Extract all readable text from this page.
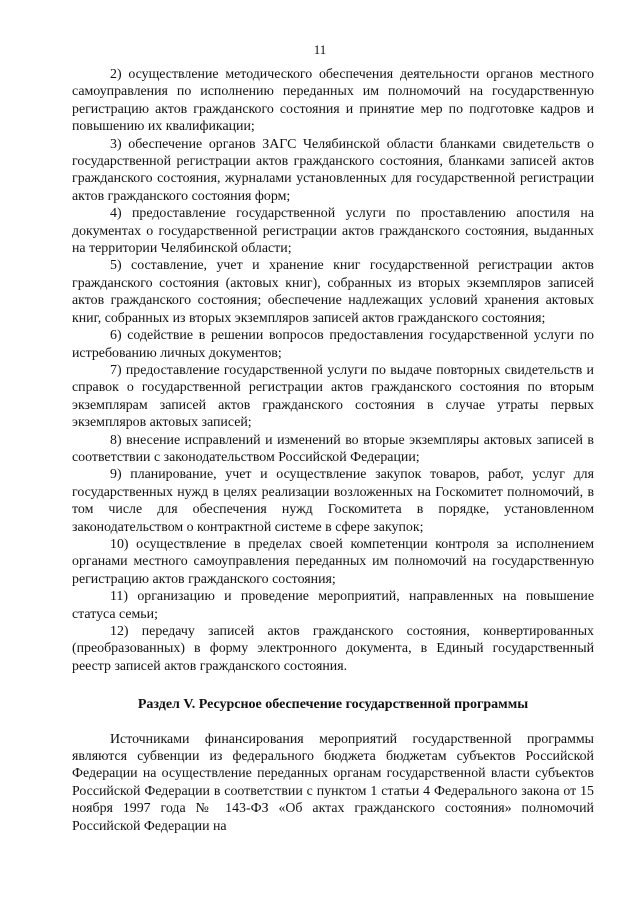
11

2) осуществление методического обеспечения деятельности органов местного самоуправления по исполнению переданных им полномочий на государственную регистрацию актов гражданского состояния и принятие мер по подготовке кадров и повышению их квалификации;

3) обеспечение органов ЗАГС Челябинской области бланками свидетельств о государственной регистрации актов гражданского состояния, бланками записей актов гражданского состояния, журналами установленных для государственной регистрации актов гражданского состояния форм;

4) предоставление государственной услуги по проставлению апостиля на документах о государственной регистрации актов гражданского состояния, выданных на территории Челябинской области;

5) составление, учет и хранение книг государственной регистрации актов гражданского состояния (актовых книг), собранных из вторых экземпляров записей актов гражданского состояния; обеспечение надлежащих условий хранения актовых книг, собранных из вторых экземпляров записей актов гражданского состояния;

6) содействие в решении вопросов предоставления государственной услуги по истребованию личных документов;

7) предоставление государственной услуги по выдаче повторных свидетельств и справок о государственной регистрации актов гражданского состояния по вторым экземплярам записей актов гражданского состояния в случае утраты первых экземпляров актовых записей;

8) внесение исправлений и изменений во вторые экземпляры актовых записей в соответствии с законодательством Российской Федерации;

9) планирование, учет и осуществление закупок товаров, работ, услуг для государственных нужд в целях реализации возложенных на Госкомитет полномочий, в том числе для обеспечения нужд Госкомитета в порядке, установленном законодательством о контрактной системе в сфере закупок;

10) осуществление в пределах своей компетенции контроля за исполнением органами местного самоуправления переданных им полномочий на государственную регистрацию актов гражданского состояния;

11) организацию и проведение мероприятий, направленных на повышение статуса семьи;

12) передачу записей актов гражданского состояния, конвертированных (преобразованных) в форму электронного документа, в Единый государственный реестр записей актов гражданского состояния.

Раздел V. Ресурсное обеспечение государственной программы

Источниками финансирования мероприятий государственной программы являются субвенции из федерального бюджета бюджетам субъектов Российской Федерации на осуществление переданных органам государственной власти субъектов Российской Федерации в соответствии с пунктом 1 статьи 4 Федерального закона от 15 ноября 1997 года № 143-ФЗ «Об актах гражданского состояния» полномочий Российской Федерации на
